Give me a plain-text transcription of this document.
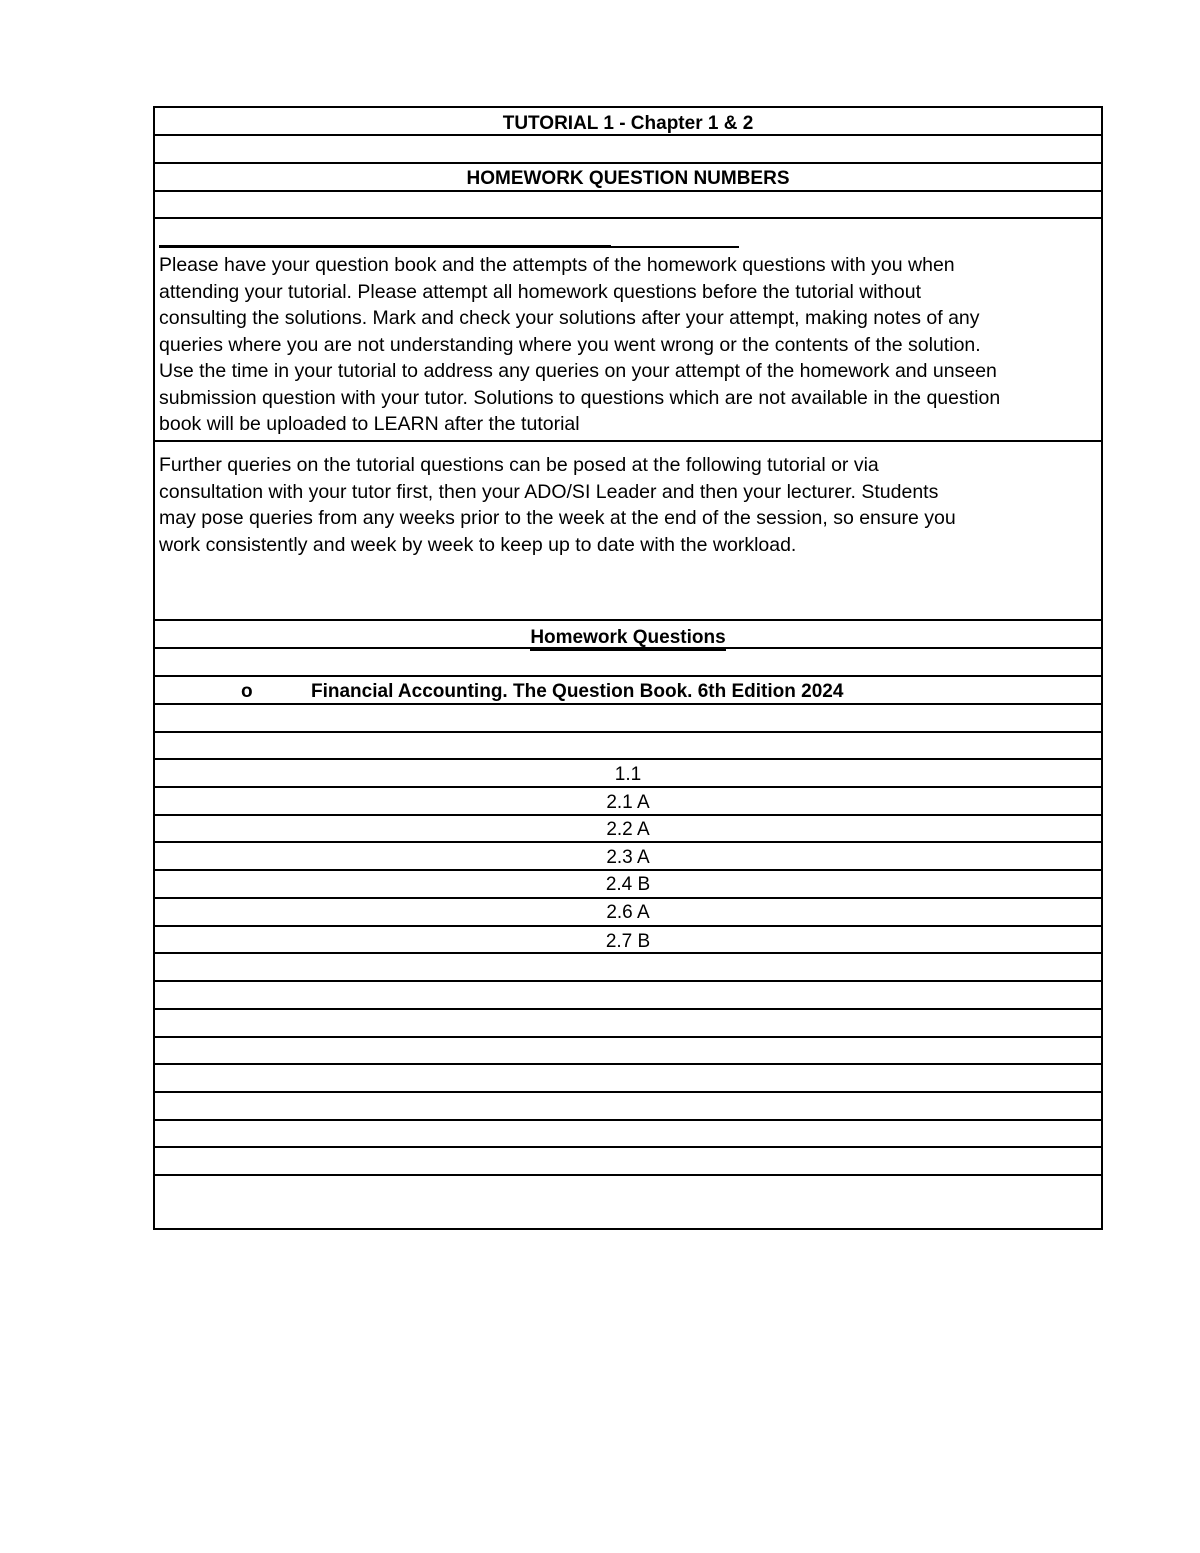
TUTORIAL 1 - Chapter 1 & 2
HOMEWORK QUESTION NUMBERS
Please have your question book and the attempts of the homework questions with you when
attending your tutorial. Please attempt all homework questions before the tutorial without
consulting the solutions. Mark and check your solutions after your attempt, making notes of any
queries where you are not understanding where you went wrong or the contents of the solution.
Use the time in your tutorial to address any queries on your attempt of the homework and unseen
submission question with your tutor. Solutions to questions which are not available in the question
book will be uploaded to LEARN after the tutorial
Further queries on the tutorial questions can be posed at the following tutorial or via
consultation with your tutor first, then your ADO/SI Leader and then your lecturer. Students
may pose queries from any weeks prior to the week at the end of the session, so ensure you
work consistently and week by week to keep up to date with the workload.
Homework Questions
o	Financial Accounting. The Question Book. 6th Edition 2024
1.1
2.1 A
2.2 A
2.3 A
2.4 B
2.6 A
2.7 B
